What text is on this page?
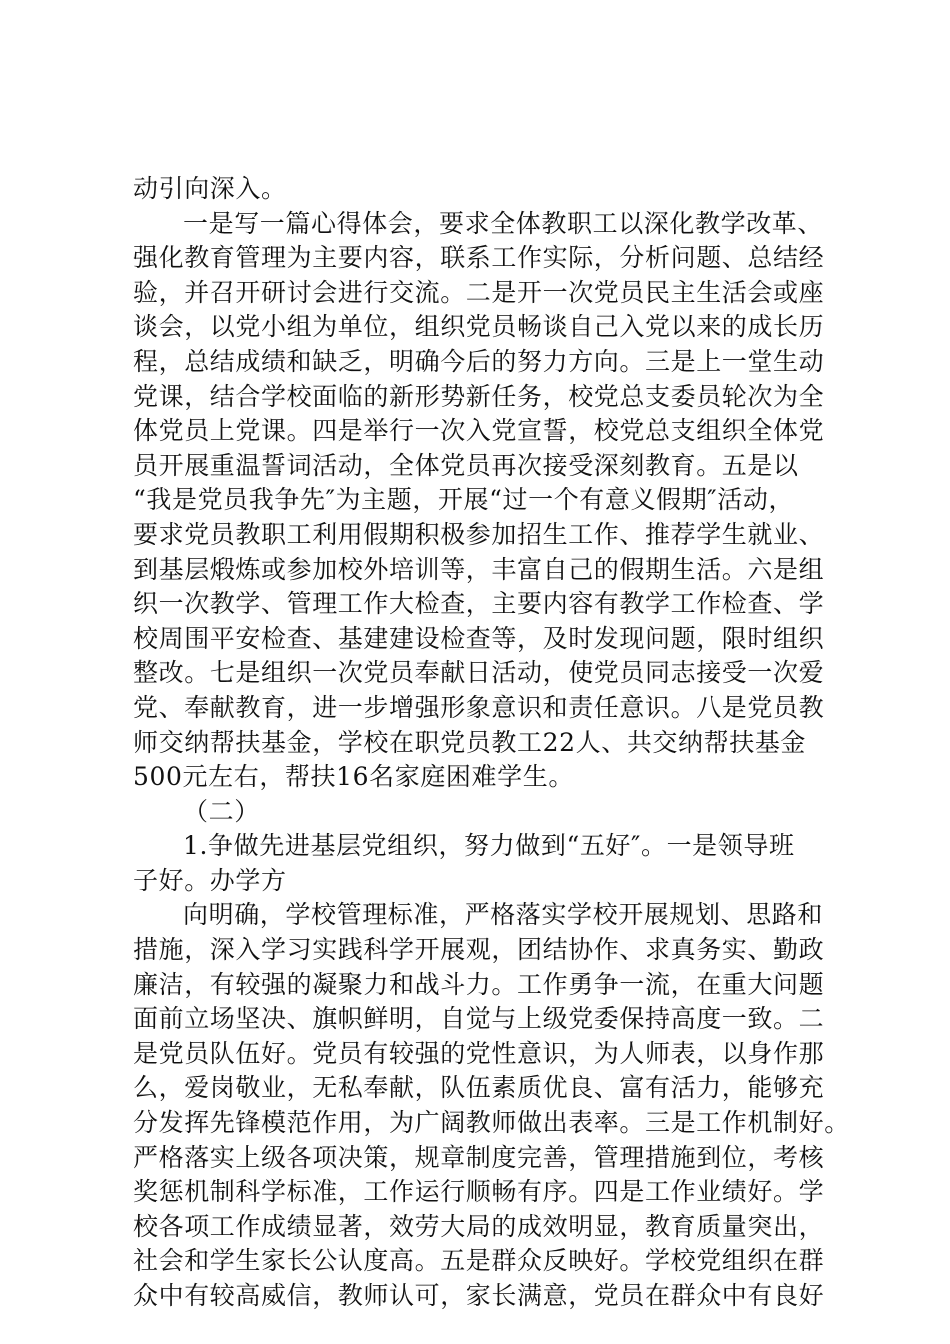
动引向深入。
一是写一篇心得体会，要求全体教职工以深化教学改革、
强化教育管理为主要内容，联系工作实际，分析问题、总结经
验，并召开研讨会进行交流。二是开一次党员民主生活会或座
谈会，以党小组为单位，组织党员畅谈自己入党以来的成长历
程，总结成绩和缺乏，明确今后的努力方向。三是上一堂生动
党课，结合学校面临的新形势新任务，校党总支委员轮次为全
体党员上党课。四是举行一次入党宣誓，校党总支组织全体党
员开展重温誓词活动，全体党员再次接受深刻教育。五是以
“我是党员我争先″为主题，开展“过一个有意义假期″活动，
要求党员教职工利用假期积极参加招生工作、推荐学生就业、
到基层煅炼或参加校外培训等，丰富自己的假期生活。六是组
织一次教学、管理工作大检查，主要内容有教学工作检查、学
校周围平安检查、基建建设检查等，及时发现问题，限时组织
整改。七是组织一次党员奉献日活动，使党员同志接受一次爱
党、奉献教育，进一步增强形象意识和责任意识。八是党员教
师交纳帮扶基金，学校在职党员教工22人、共交纳帮扶基金
500元左右，帮扶16名家庭困难学生。
（二）
1.争做先进基层党组织，努力做到“五好″。一是领导班
子好。办学方
向明确，学校管理标准，严格落实学校开展规划、思路和
措施，深入学习实践科学开展观，团结协作、求真务实、勤政
廉洁，有较强的凝聚力和战斗力。工作勇争一流，在重大问题
面前立场坚决、旗帜鲜明，自觉与上级党委保持高度一致。二
是党员队伍好。党员有较强的党性意识，为人师表，以身作那
么，爱岗敬业，无私奉献，队伍素质优良、富有活力，能够充
分发挥先锋模范作用，为广阔教师做出表率。三是工作机制好。
严格落实上级各项决策，规章制度完善，管理措施到位，考核
奖惩机制科学标准，工作运行顺畅有序。四是工作业绩好。学
校各项工作成绩显著，效劳大局的成效明显，教育质量突出，
社会和学生家长公认度高。五是群众反映好。学校党组织在群
众中有较高威信，教师认可，家长满意，党员在群众中有良好
